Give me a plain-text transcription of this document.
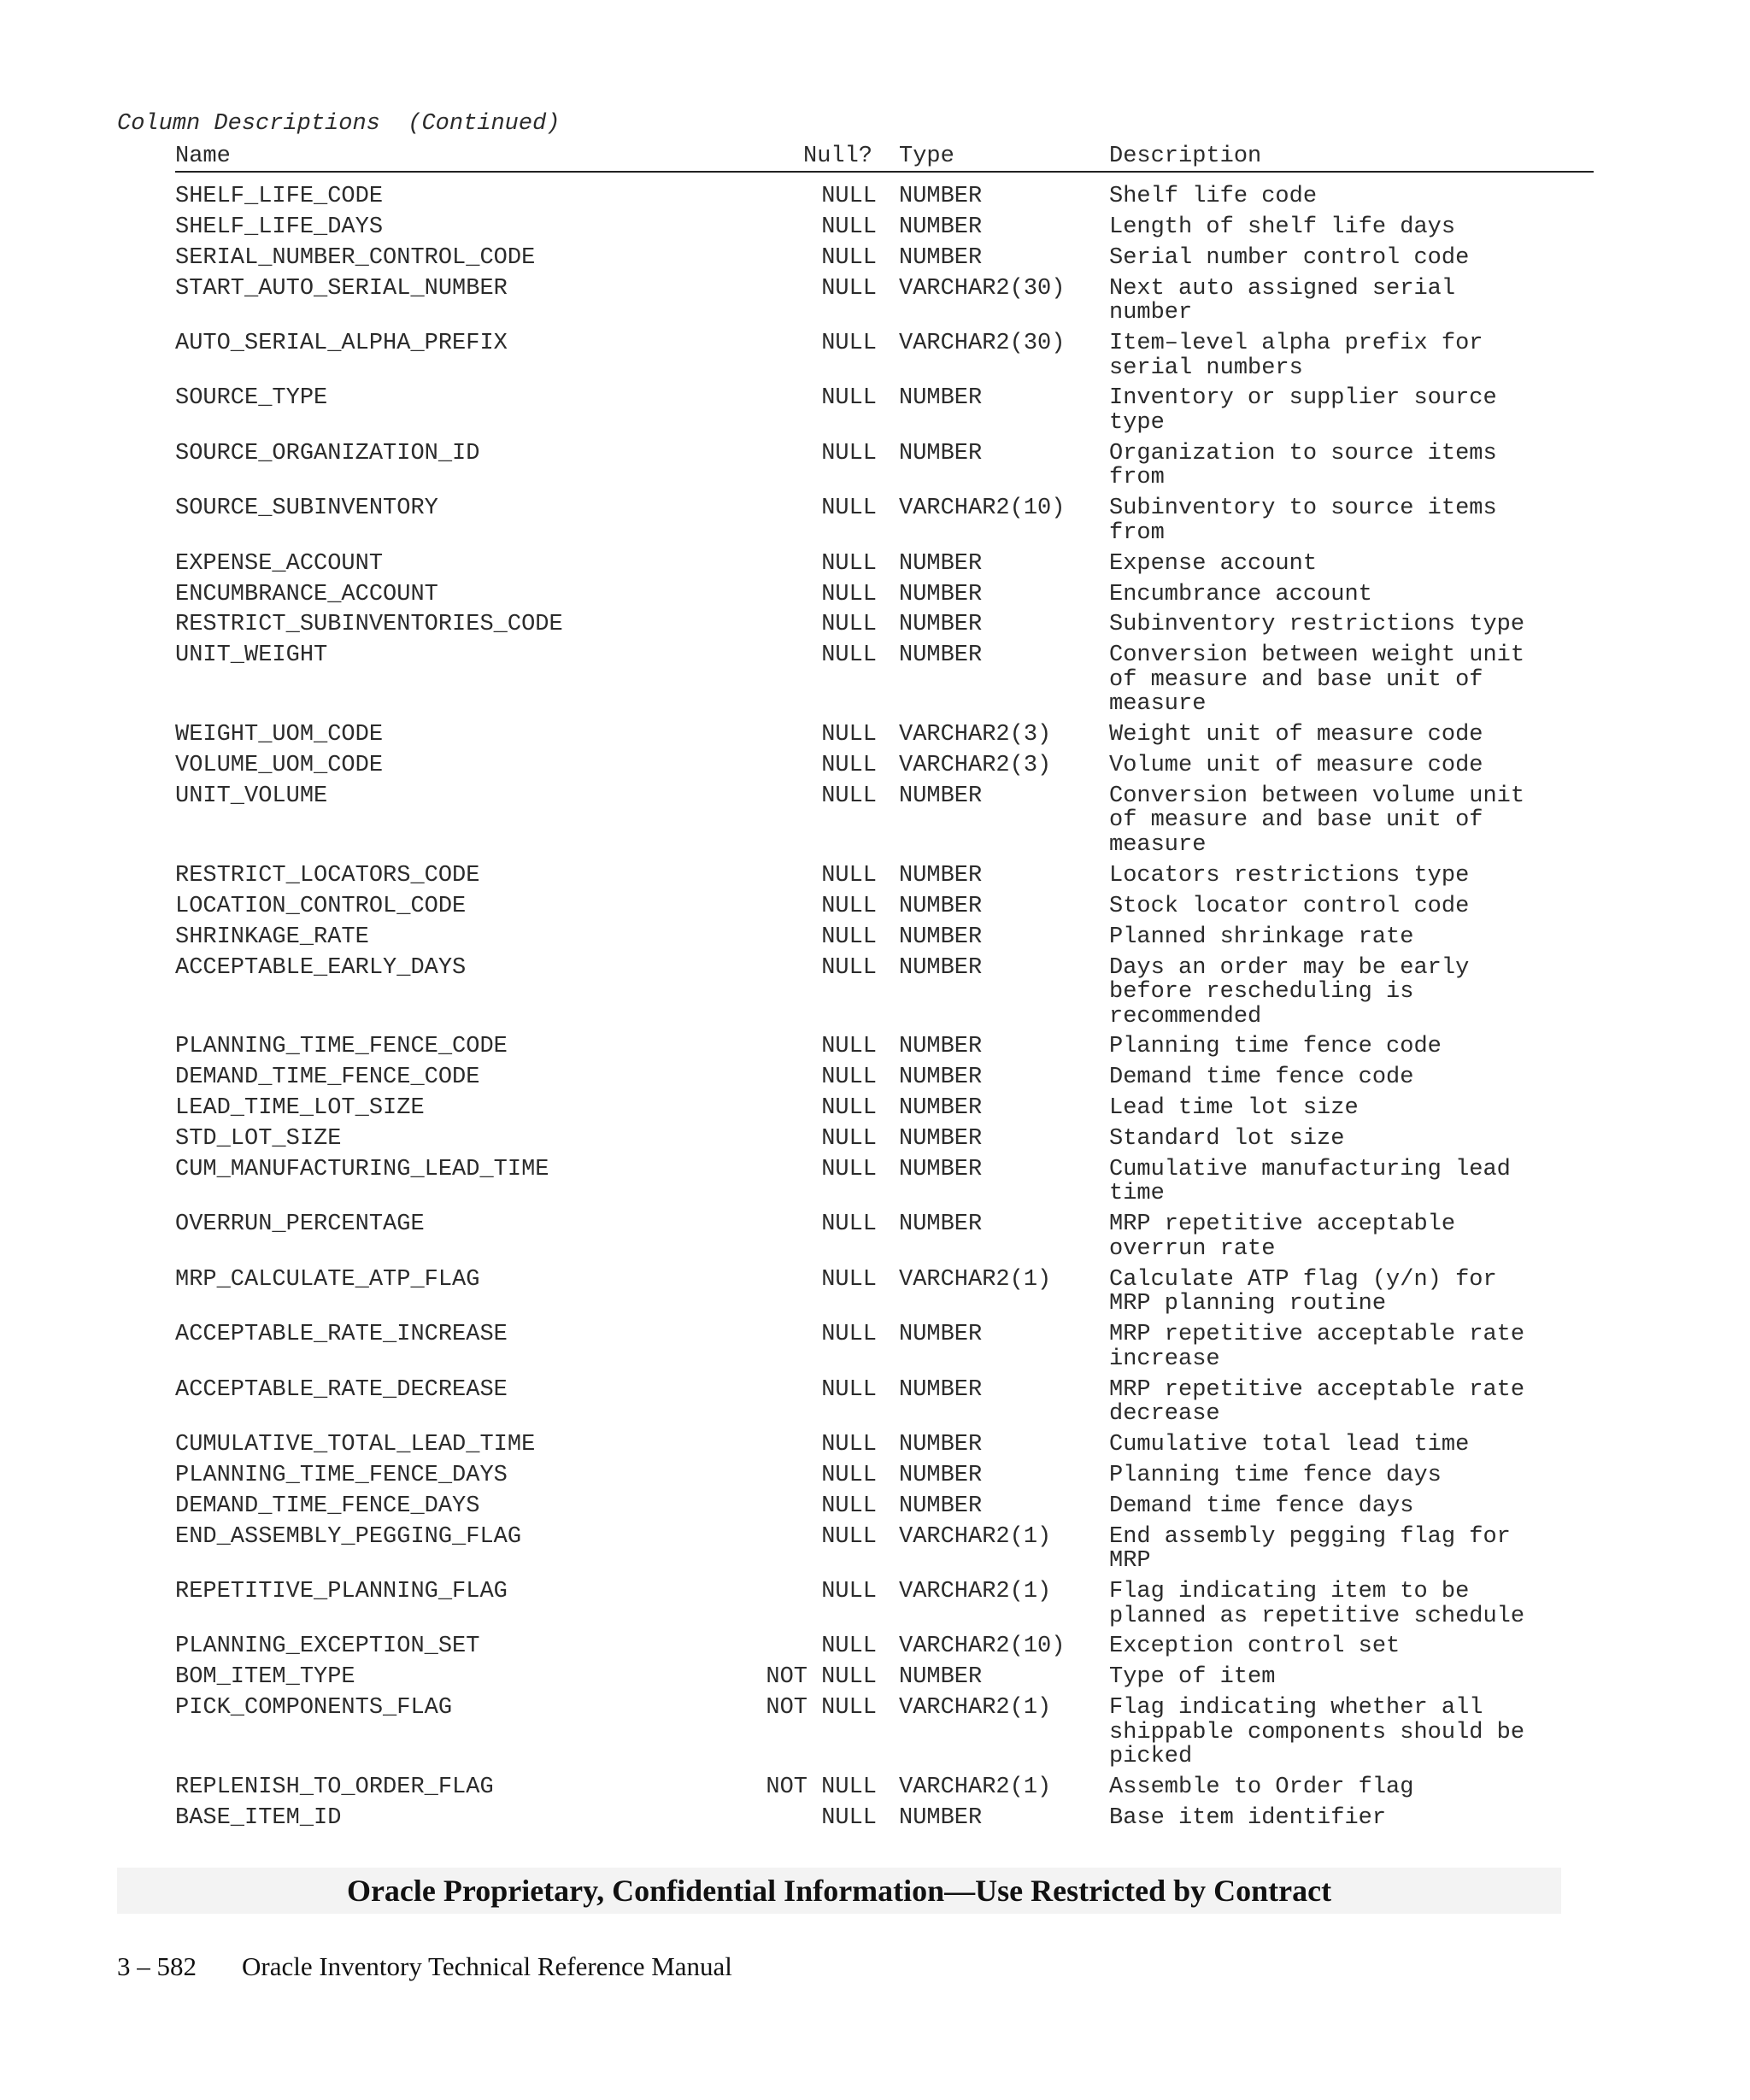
Column Descriptions  (Continued)
Name	Null? Type	Description
SHELF_LIFE_CODE	NULL NUMBER	Shelf life code
SHELF_LIFE_DAYS	NULL NUMBER	Length of shelf life days
SERIAL_NUMBER_CONTROL_CODE	NULL NUMBER	Serial number control code
START_AUTO_SERIAL_NUMBER	NULL VARCHAR2(30) Next auto assigned serial
number
AUTO_SERIAL_ALPHA_PREFIX	NULL VARCHAR2(30) Item–level alpha prefix for
serial numbers
SOURCE_TYPE	NULL NUMBER	Inventory or supplier source
type
SOURCE_ORGANIZATION_ID	NULL NUMBER	Organization to source items
from
SOURCE_SUBINVENTORY	NULL VARCHAR2(10) Subinventory to source items
from
EXPENSE_ACCOUNT	NULL NUMBER	Expense account
ENCUMBRANCE_ACCOUNT	NULL NUMBER	Encumbrance account
RESTRICT_SUBINVENTORIES_CODE	NULL NUMBER	Subinventory restrictions type
UNIT_WEIGHT	NULL NUMBER	Conversion between weight unit
of measure and base unit of
measure
WEIGHT_UOM_CODE	NULL VARCHAR2(3)	Weight unit of measure code
VOLUME_UOM_CODE	NULL VARCHAR2(3)	Volume unit of measure code
UNIT_VOLUME	NULL NUMBER	Conversion between volume unit
of measure and base unit of
measure
RESTRICT_LOCATORS_CODE	NULL NUMBER	Locators restrictions type
LOCATION_CONTROL_CODE	NULL NUMBER	Stock locator control code
SHRINKAGE_RATE	NULL NUMBER	Planned shrinkage rate
ACCEPTABLE_EARLY_DAYS	NULL NUMBER	Days an order may be early
before rescheduling is
recommended
PLANNING_TIME_FENCE_CODE	NULL NUMBER	Planning time fence code
DEMAND_TIME_FENCE_CODE	NULL NUMBER	Demand time fence code
LEAD_TIME_LOT_SIZE	NULL NUMBER	Lead time lot size
STD_LOT_SIZE	NULL NUMBER	Standard lot size
CUM_MANUFACTURING_LEAD_TIME	NULL NUMBER	Cumulative manufacturing lead
time
OVERRUN_PERCENTAGE	NULL NUMBER	MRP repetitive acceptable
overrun rate
MRP_CALCULATE_ATP_FLAG	NULL VARCHAR2(1)	Calculate ATP flag (y/n) for
MRP planning routine
ACCEPTABLE_RATE_INCREASE	NULL NUMBER	MRP repetitive acceptable rate
increase
ACCEPTABLE_RATE_DECREASE	NULL NUMBER	MRP repetitive acceptable rate
decrease
CUMULATIVE_TOTAL_LEAD_TIME	NULL NUMBER	Cumulative total lead time
PLANNING_TIME_FENCE_DAYS	NULL NUMBER	Planning time fence days
DEMAND_TIME_FENCE_DAYS	NULL NUMBER	Demand time fence days
END_ASSEMBLY_PEGGING_FLAG	NULL VARCHAR2(1)	End assembly pegging flag for
MRP
REPETITIVE_PLANNING_FLAG	NULL VARCHAR2(1)	Flag indicating item to be
planned as repetitive schedule
PLANNING_EXCEPTION_SET	NULL VARCHAR2(10) Exception control set
BOM_ITEM_TYPE	NOT NULL NUMBER	Type of item
PICK_COMPONENTS_FLAG	NOT NULL VARCHAR2(1)	Flag indicating whether all
shippable components should be
picked
REPLENISH_TO_ORDER_FLAG	NOT NULL VARCHAR2(1)	Assemble to Order flag
BASE_ITEM_ID	NULL NUMBER	Base item identifier
Oracle Proprietary, Confidential Information––Use Restricted by Contract
3 – 582 Oracle Inventory Technical Reference Manual
